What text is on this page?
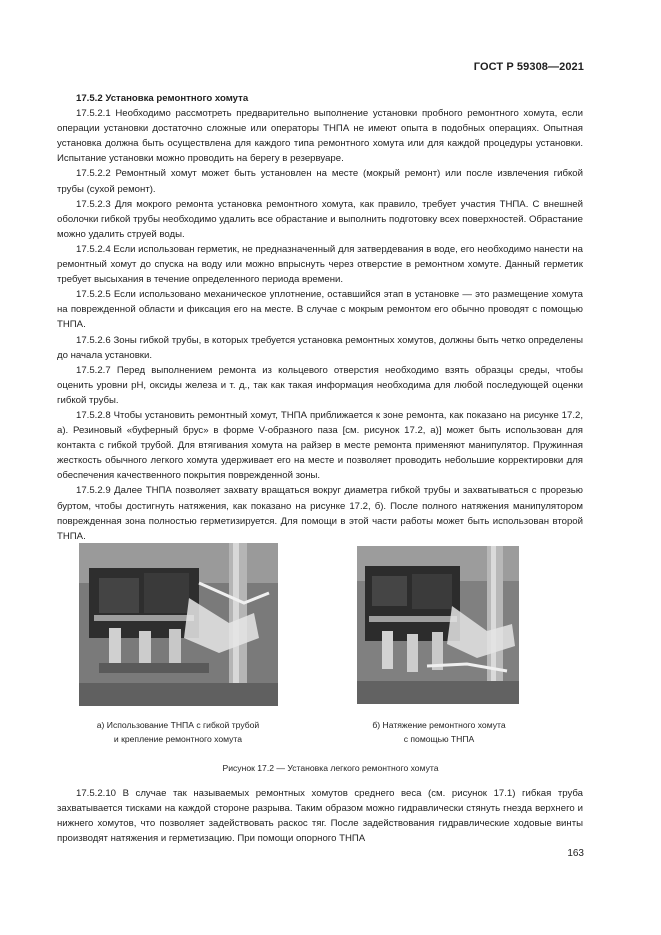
ГОСТ Р 59308—2021

17.5.2 Установка ремонтного хомута

17.5.2.1 Необходимо рассмотреть предварительно выполнение установки пробного ремонтного хомута, если операции установки достаточно сложные или операторы ТНПА не имеют опыта в подобных операциях. Опытная установка должна быть осуществлена для каждого типа ремонтного хомута или для каждой процедуры установки. Испытание установки можно проводить на берегу в резервуаре.

17.5.2.2 Ремонтный хомут может быть установлен на месте (мокрый ремонт) или после извлечения гибкой трубы (сухой ремонт).

17.5.2.3 Для мокрого ремонта установка ремонтного хомута, как правило, требует участия ТНПА. С внешней оболочки гибкой трубы необходимо удалить все обрастание и выполнить подготовку всех поверхностей. Обрастание можно удалить струей воды.

17.5.2.4 Если использован герметик, не предназначенный для затвердевания в воде, его необходимо нанести на ремонтный хомут до спуска на воду или можно впрыснуть через отверстие в ремонтном хомуте. Данный герметик требует высыхания в течение определенного периода времени.

17.5.2.5 Если использовано механическое уплотнение, оставшийся этап в установке — это размещение хомута на поврежденной области и фиксация его на месте. В случае с мокрым ремонтом его обычно проводят с помощью ТНПА.

17.5.2.6 Зоны гибкой трубы, в которых требуется установка ремонтных хомутов, должны быть четко определены до начала установки.

17.5.2.7 Перед выполнением ремонта из кольцевого отверстия необходимо взять образцы среды, чтобы оценить уровни pH, оксиды железа и т. д., так как такая информация необходима для любой последующей оценки гибкой трубы.

17.5.2.8 Чтобы установить ремонтный хомут, ТНПА приближается к зоне ремонта, как показано на рисунке 17.2, а). Резиновый «буферный брус» в форме V-образного паза [см. рисунок 17.2, а)] может быть использован для контакта с гибкой трубой. Для втягивания хомута на райзер в месте ремонта применяют манипулятор. Пружинная жесткость обычного легкого хомута удерживает его на месте и позволяет проводить небольшие корректировки для обеспечения качественного покрытия поврежденной зоны.

17.5.2.9 Далее ТНПА позволяет захвату вращаться вокруг диаметра гибкой трубы и захватываться с прорезью буртом, чтобы достигнуть натяжения, как показано на рисунке 17.2, б). После полного натяжения манипулятором поврежденная зона полностью герметизируется. Для помощи в этой части работы может быть использован второй ТНПА.

а) Использование ТНПА с гибкой трубой
и крепление ремонтного хомута
б) Натяжение ремонтного хомута
с помощью ТНПА
Рисунок 17.2 — Установка легкого ремонтного хомута

17.5.2.10 В случае так называемых ремонтных хомутов среднего веса (см. рисунок 17.1) гибкая труба захватывается тисками на каждой стороне разрыва. Таким образом можно гидравлически стянуть гнезда верхнего и нижнего хомутов, что позволяет задействовать раскос тяг. После задействования гидравлические ходовые винты производят натяжения и герметизацию. При помощи опорного ТНПА

163
